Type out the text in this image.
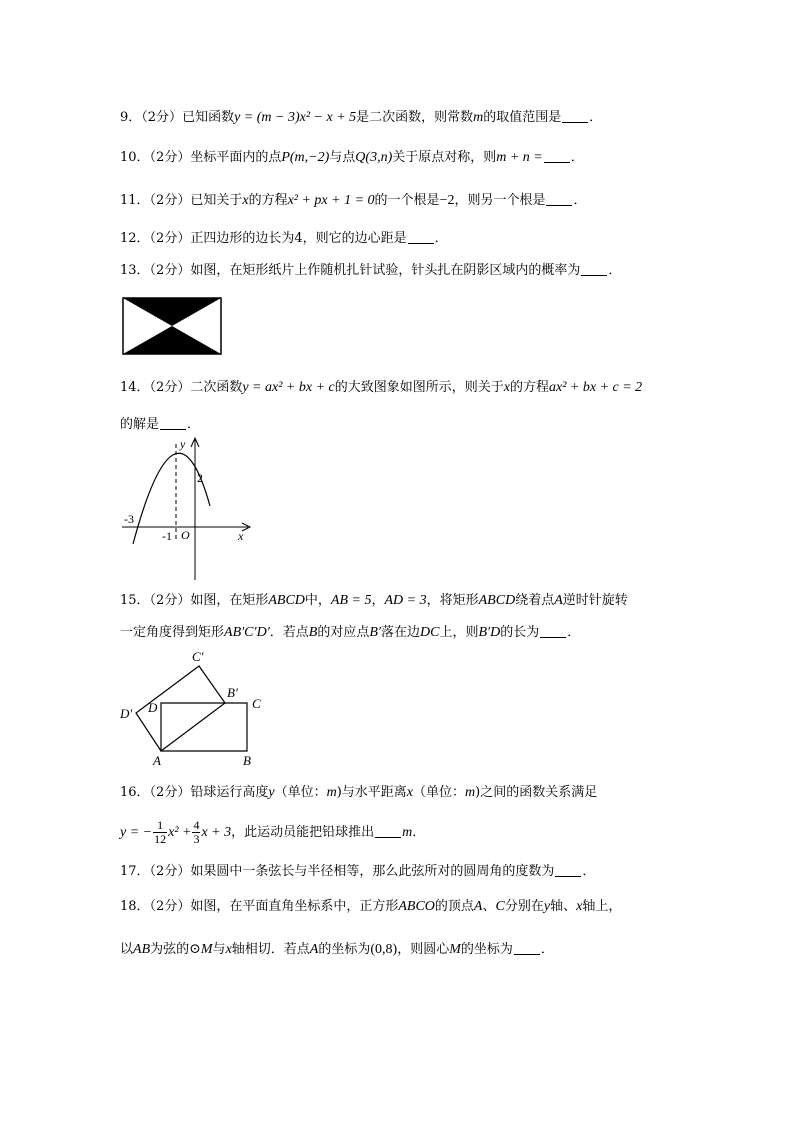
9．（2分）已知函数y = (m − 3)x² − x + 5是二次函数，则常数m的取值范围是 ．
10．（2分）坐标平面内的点P(m,−2)与点Q(3,n)关于原点对称，则m + n = ．
11．（2分）已知关于x的方程x² + px + 1 = 0的一个根是−2，则另一个根是 ．
12．（2分）正四边形的边长为4，则它的边心距是 ．
13．（2分）如图，在矩形纸片上作随机扎针试验，针头扎在阴影区域内的概率为 ．
14．（2分）二次函数y = ax² + bx + c的大致图象如图所示，则关于x的方程ax² + bx + c = 2
的解是 ．
y
x
O
-1
-3
2
15．（2分）如图，在矩形ABCD中，AB = 5，AD = 3，将矩形ABCD绕着点A逆时针旋转
一定角度得到矩形AB′C′D′．若点B的对应点B′落在边DC上，则B′D的长为 ．
C′
B′
D′ D	C
A	B
16．（2分）铅球运行高度y（单位：m)与水平距离x（单位：m)之间的函数关系满足
y = − $\frac{1}{12} x^2 + \frac{4}{3}$ x + 3，此运动员能把铅球推出 m．
17．（2分）如果圆中一条弦长与半径相等，那么此弦所对的圆周角的度数为 ．
18．（2分）如图，在平面直角坐标系中，正方形ABCO的顶点A、C分别在y轴、x轴上，
以AB为弦的⊙M与x轴相切．若点A的坐标为(0,8)，则圆心M的坐标为 ．
